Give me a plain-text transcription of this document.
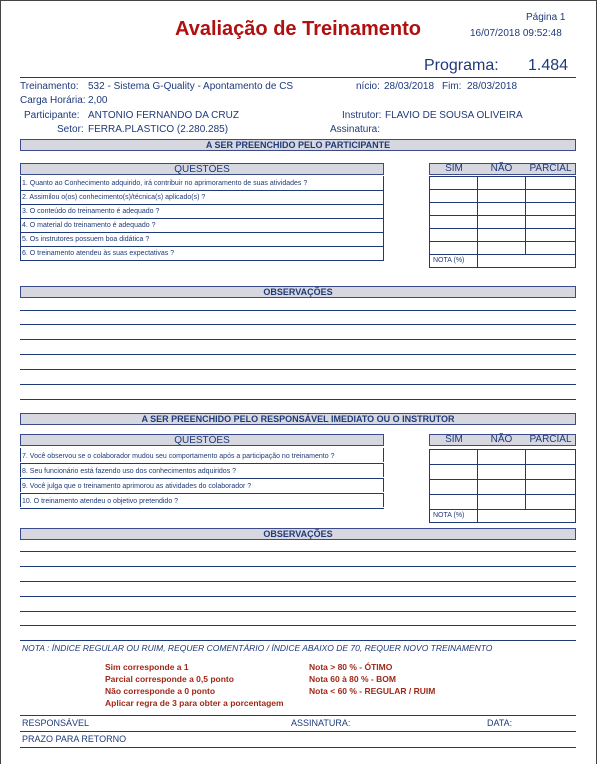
Avaliação de Treinamento
Página 1
16/07/2018 09:52:48
Programa: 1.484
Treinamento: 532 - Sistema G-Quality - Apontamento de CS	nício: 28/03/2018 Fim: 28/03/2018
Carga Horária: 2,00
Participante: ANTONIO FERNANDO DA CRUZ	Instrutor: FLAVIO DE SOUSA OLIVEIRA
Setor: FERRA.PLASTICO (2.280.285)	Assinatura:
A SER PREENCHIDO PELO PARTICIPANTE
QUESTÕES	SIM	NÃO	PARCIAL
1. Quanto ao Conhecimento adquirido, irá contribuir no aprimoramento de suas atividades ?
2. Assimilou o(os) conhecimento(s)/técnica(s) aplicado(s) ?
3. O conteúdo do treinamento é adequado ?
4. O material do treinamento é adequado ?
5. Os instrutores possuem boa didática ?
6. O treinamento atendeu às suas expectativas ?

NOTA (%)		
OBSERVAÇÕES
A SER PREENCHIDO PELO RESPONSÁVEL IMEDIATO OU O INSTRUTOR
QUESTÕES	SIM	NÃO	PARCIAL
7. Você observou se o colaborador mudou seu comportamento após a participação no treinamento ?
8. Seu funcionário está fazendo uso dos conhecimentos adquiridos ?
9. Você julga que o treinamento aprimorou as atividades do colaborador ?
10. O treinamento atendeu o objetivo pretendido ?

NOTA (%)		
OBSERVAÇÕES
NOTA : ÍNDICE REGULAR OU RUIM, REQUER COMENTÁRIO / ÍNDICE ABAIXO DE 70, REQUER NOVO TREINAMENTO
Sim corresponde a 1
Parcial corresponde a 0,5 ponto
Não corresponde a 0 ponto
Aplicar regra de 3 para obter a porcentagem
Nota > 80 % - ÓTIMO
Nota 60 à 80 % - BOM
Nota < 60 % - REGULAR / RUIM
RESPONSÁVEL	ASSINATURA:	DATA:
PRAZO PARA RETORNO
